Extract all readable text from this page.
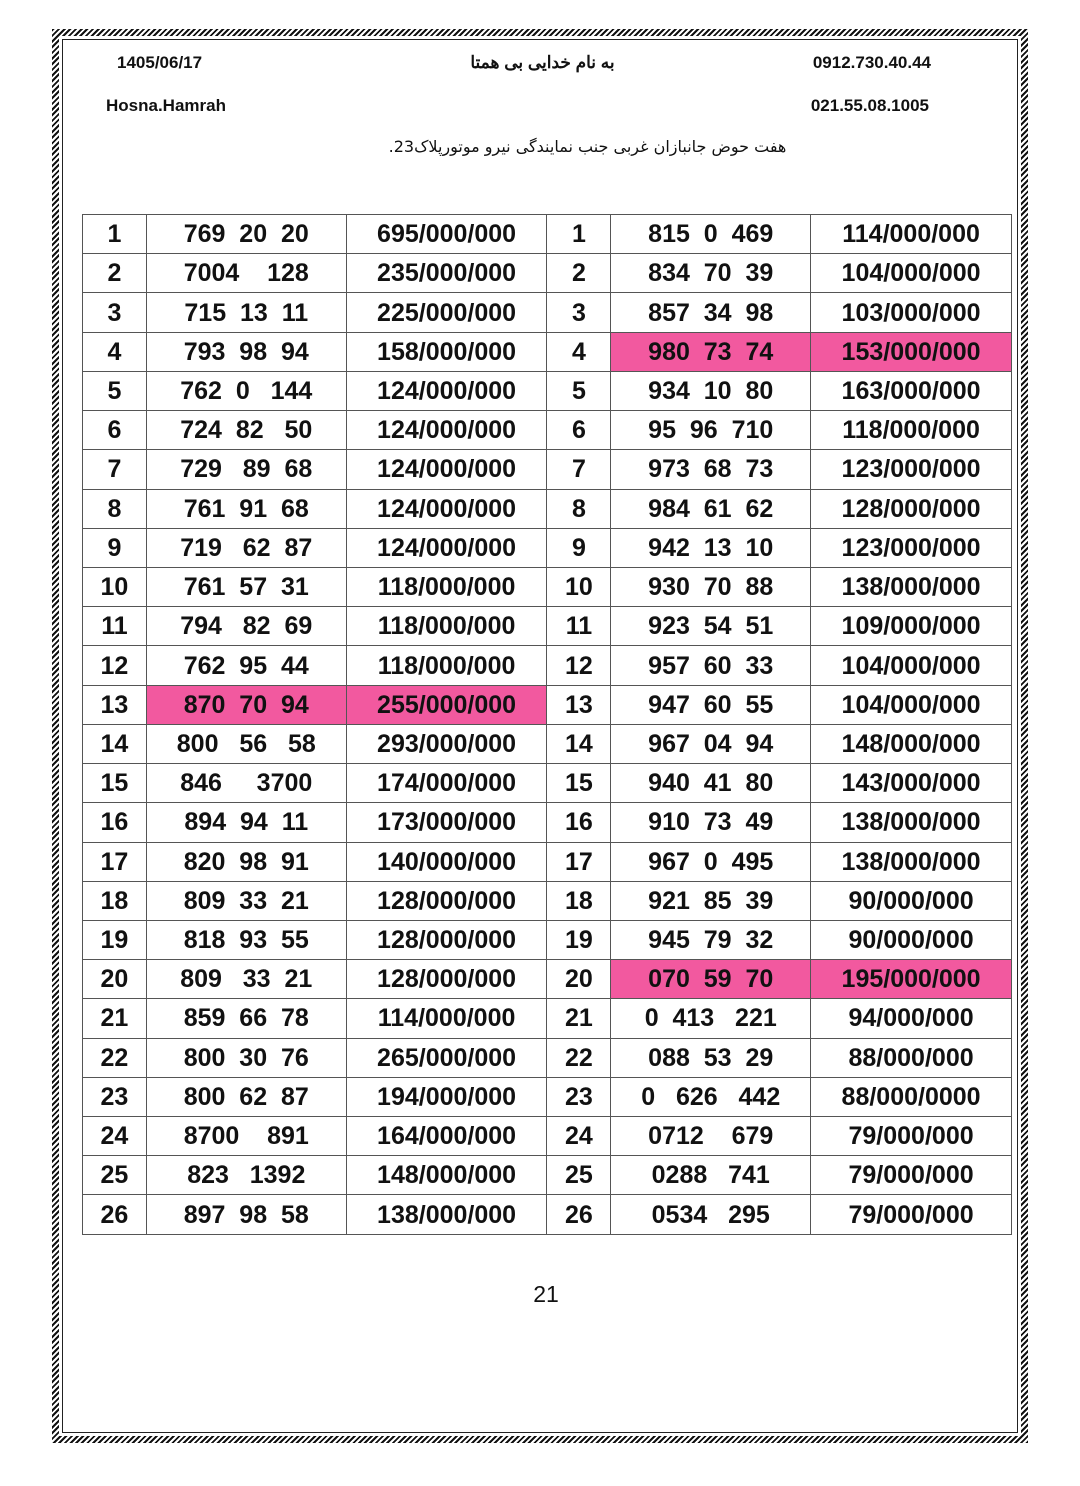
1405/06/17	به نام خدایی بی همتا	0912.730.40.44
Hosna.Hamrah	021.55.08.1005
هفت حوض جانبازان غربی جنب نمایندگی نیرو موتورپلاک23.
1	769  20  20	695/000/000	1	815  0  469	114/000/000
2	7004    128	235/000/000	2	834  70  39	104/000/000
3	715  13  11	225/000/000	3	857  34  98	103/000/000
4	793  98  94	158/000/000	4	980  73  74	153/000/000
5	762  0   144	124/000/000	5	934  10  80	163/000/000
6	724  82   50	124/000/000	6	95  96  710	118/000/000
7	729   89  68	124/000/000	7	973  68  73	123/000/000
8	761  91  68	124/000/000	8	984  61  62	128/000/000
9	719   62  87	124/000/000	9	942  13  10	123/000/000
10	761  57  31	118/000/000	10	930  70  88	138/000/000
11	794   82  69	118/000/000	11	923  54  51	109/000/000
12	762  95  44	118/000/000	12	957  60  33	104/000/000
13	870  70  94	255/000/000	13	947  60  55	104/000/000
14	800   56   58	293/000/000	14	967  04  94	148/000/000
15	846     3700	174/000/000	15	940  41  80	143/000/000
16	894  94  11	173/000/000	16	910  73  49	138/000/000
17	820  98  91	140/000/000	17	967  0  495	138/000/000
18	809  33  21	128/000/000	18	921  85  39	90/000/000
19	818  93  55	128/000/000	19	945  79  32	90/000/000
20	809   33  21	128/000/000	20	070  59  70	195/000/000
21	859  66  78	114/000/000	21	0  413   221	94/000/000
22	800  30  76	265/000/000	22	088  53  29	88/000/000
23	800  62  87	194/000/000	23	0   626   442	88/000/0000
24	8700    891	164/000/000	24	0712    679	79/000/000
25	823   1392	148/000/000	25	0288   741	79/000/000
26	897  98  58	138/000/000	26	0534   295	79/000/000
21
